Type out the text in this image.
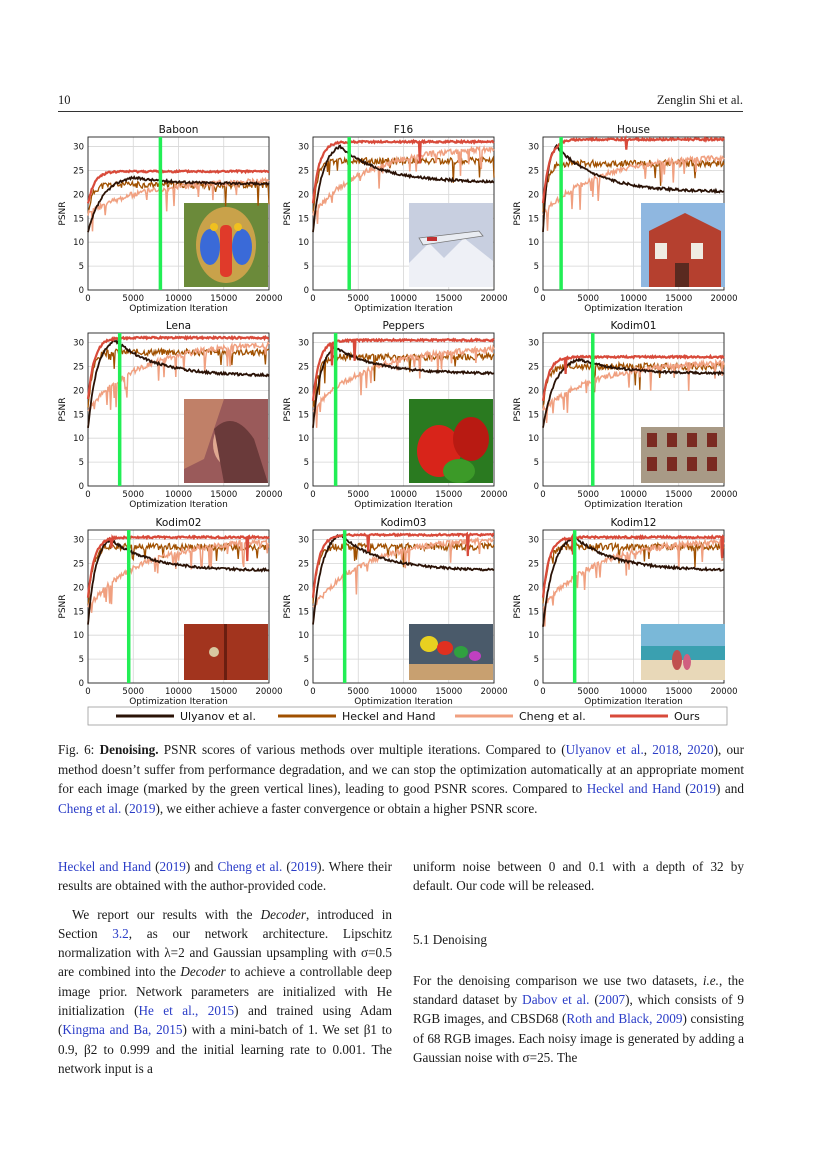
10	Zenglin Shi et al.
Baboon
0	5000 10000 15000 20000
0
5
10
15
20
25
30
Optimization Iteration
PSNR
F16
0	5000 10000 15000 20000
0
5
10
15
20
25
30
Optimization Iteration
PSNR
House
0	5000 10000 15000 20000
0
5
10
15
20
25
30
Optimization Iteration
PSNR
Lena
0	5000 10000 15000 20000
0
5
10
15
20
25
30
Optimization Iteration
PSNR
Peppers
0	5000 10000 15000 20000
0
5
10
15
20
25
30
Optimization Iteration
PSNR
Kodim01
0	5000 10000 15000 20000
0
5
10
15
20
25
30
Optimization Iteration
PSNR
Kodim02
0	5000 10000 15000 20000
0
5
10
15
20
25
30
Optimization Iteration
PSNR
Kodim03
0	5000 10000 15000 20000
0
5
10
15
20
25
30
Optimization Iteration
PSNR
Kodim12
0	5000 10000 15000 20000
0
5
10
15
20
25
30
Optimization Iteration
PSNR
Ulyanov et al.	Heckel and Hand	Cheng et al.	Ours
Fig. 6: Denoising. PSNR scores of various methods over multiple iterations. Compared to (Ulyanov et al., 2018, 2020), our method doesn’t suffer from performance degradation, and we can stop the optimization automatically at an appropriate moment for each image (marked by the green vertical lines), leading to good PSNR scores. Compared to Heckel and Hand (2019) and Cheng et al. (2019), we either achieve a faster convergence or obtain a higher PSNR score.

Heckel and Hand (2019) and Cheng et al. (2019). Where their results are obtained with the author-provided code.

We report our results with the Decoder, introduced in Section 3.2, as our network architecture. Lipschitz normalization with λ=2 and Gaussian upsampling with σ=0.5 are combined into the Decoder to achieve a controllable deep image prior. Network parameters are initialized with He initialization (He et al., 2015) and trained using Adam (Kingma and Ba, 2015) with a mini-batch of 1. We set β1 to 0.9, β2 to 0.999 and the initial learning rate to 0.001. The network input is a

uniform noise between 0 and 0.1 with a depth of 32 by default. Our code will be released.

5.1 Denoising

For the denoising comparison we use two datasets, i.e., the standard dataset by Dabov et al. (2007), which consists of 9 RGB images, and CBSD68 (Roth and Black, 2009) consisting of 68 RGB images. Each noisy image is generated by adding a Gaussian noise with σ=25. The
